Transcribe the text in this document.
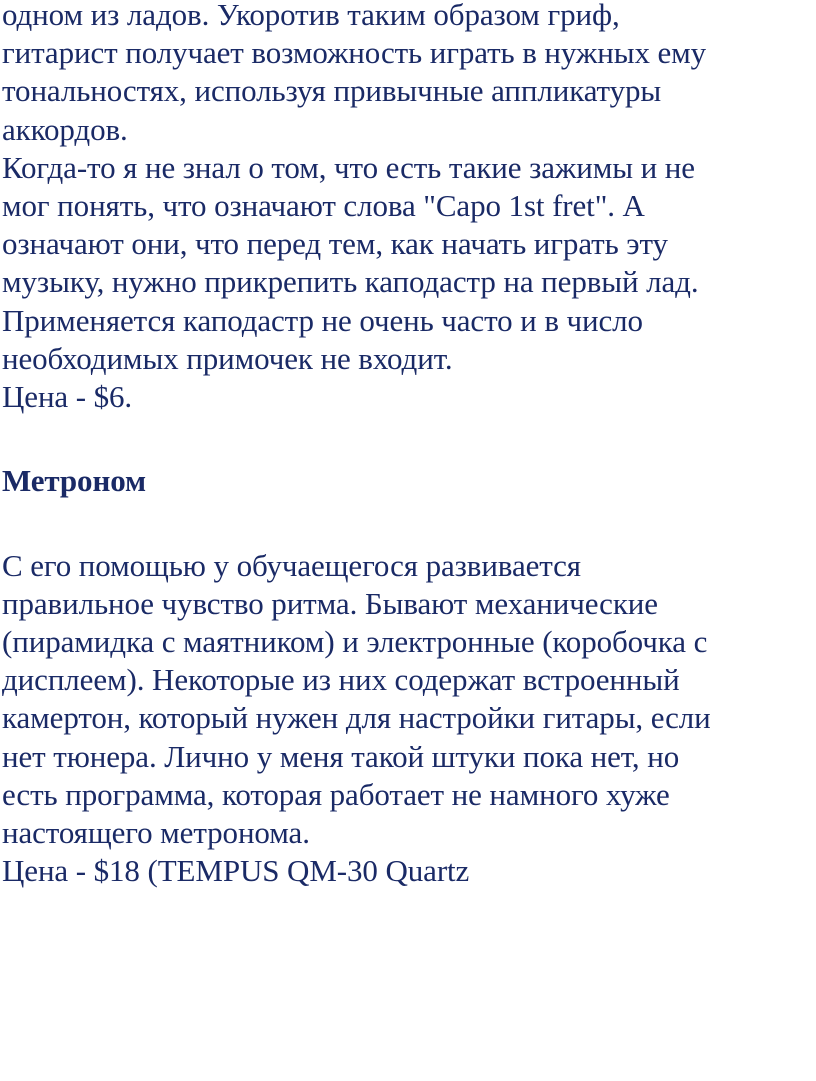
одном из ладов. Укоротив таким образом гриф,
гитарист получает возможность играть в нужных ему
тональностях, используя привычные аппликатуры
аккордов.
Когда-то я не знал о том, что есть такие зажимы и не
мог понять, что означают слова "Capo 1st fret". А
означают они, что перед тем, как начать играть эту
музыку, нужно прикрепить каподастр на первый лад.
Применяется каподастр не очень часто и в число
необходимых примочек не входит.
Цена - $6.
Метроном
С его помощью у обучаещегося развивается
правильное чувство ритма. Бывают механические
(пирамидка с маятником) и электронные (коробочка с
дисплеем). Некоторые из них содержат встроенный
камертон, который нужен для настройки гитары, если
нет тюнера. Лично у меня такой штуки пока нет, но
есть программа, которая работает не намного хуже
настоящего метронома.
Цена - $18 (TEMPUS QM-30 Quartz
